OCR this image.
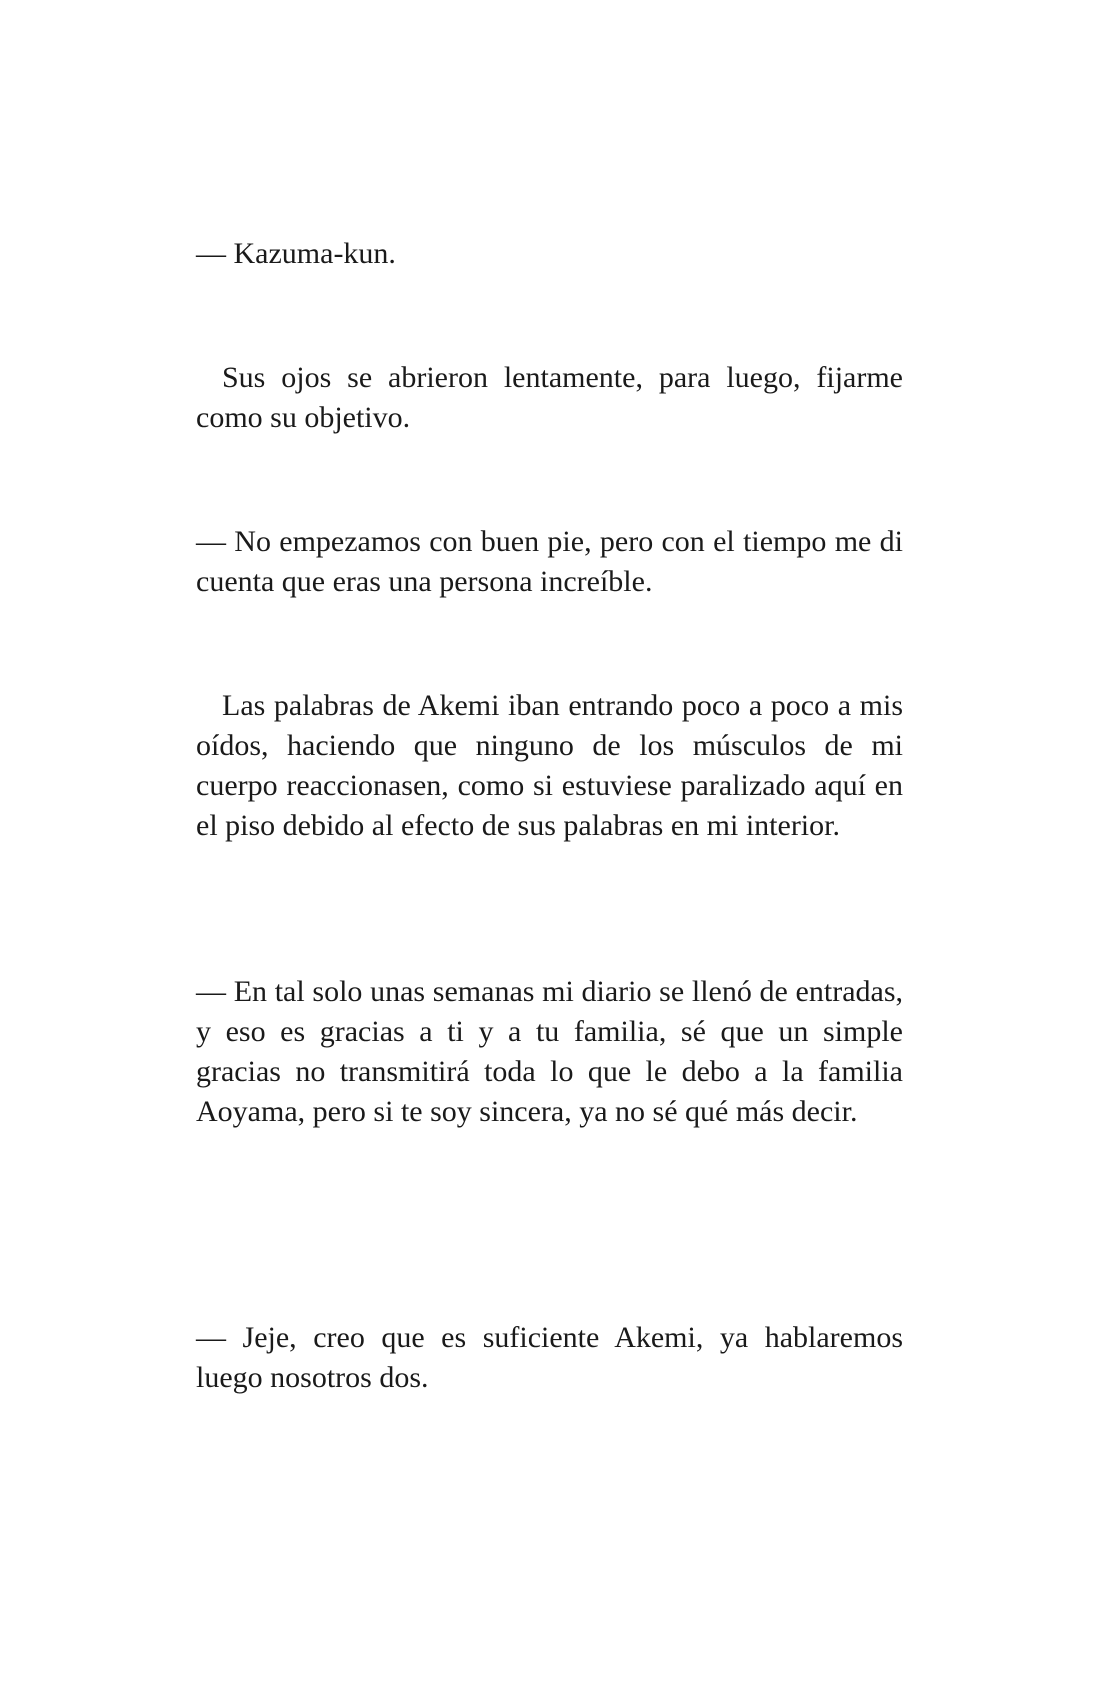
— Kazuma-kun.

Sus ojos se abrieron lentamente, para luego, fijarme como su objetivo.

— No empezamos con buen pie, pero con el tiempo me di cuenta que eras una persona increíble.

Las palabras de Akemi iban entrando poco a poco a mis oídos, haciendo que ninguno de los músculos de mi cuerpo reaccionasen, como si estuviese paralizado aquí en el piso debido al efecto de sus palabras en mi interior.

— En tal solo unas semanas mi diario se llenó de entradas, y eso es gracias a ti y a tu familia, sé que un simple gracias no transmitirá toda lo que le debo a la familia Aoyama, pero si te soy sincera, ya no sé qué más decir.

— Jeje, creo que es suficiente Akemi, ya hablaremos luego nosotros dos.
